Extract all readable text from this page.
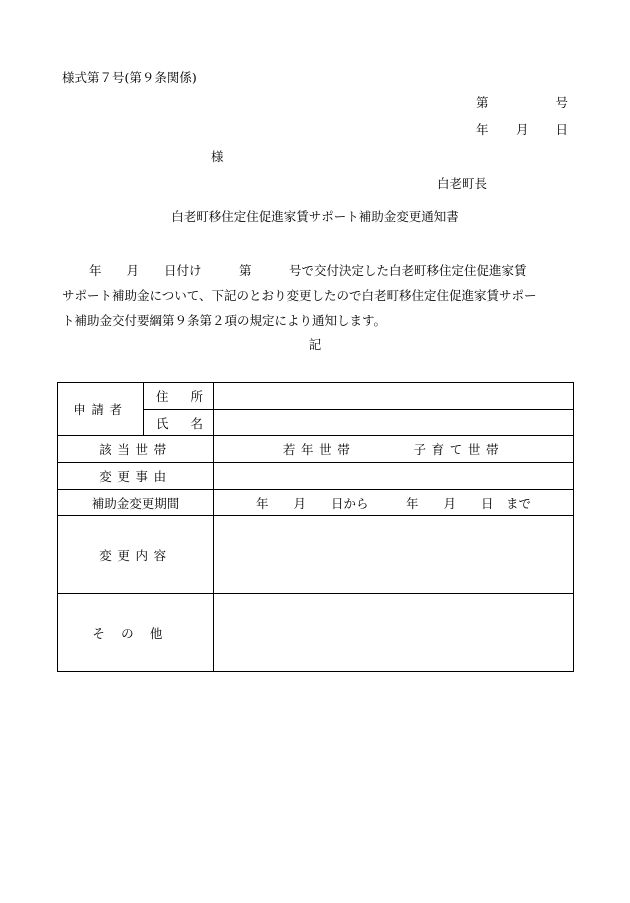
様式第７号(第９条関係)
第	号
年 月 日
様
白老町長
白老町移住定住促進家賃サポート補助金変更通知書
年　　月　　日付け　　　第　　　号で交付決定した白老町移住定住促進家賃
サポート補助金について、下記のとおり変更したので白老町移住定住促進家賃サポー
ト補助金交付要綱第９条第２項の規定により通知します。
記
申請者	住 所	

	氏 名	

該当世帯		若年世帯 子育て世帯

変更事由		
補助金変更期間		年　　月　　日から　　　年　　月　　日　まで

変更内容		
その他		
